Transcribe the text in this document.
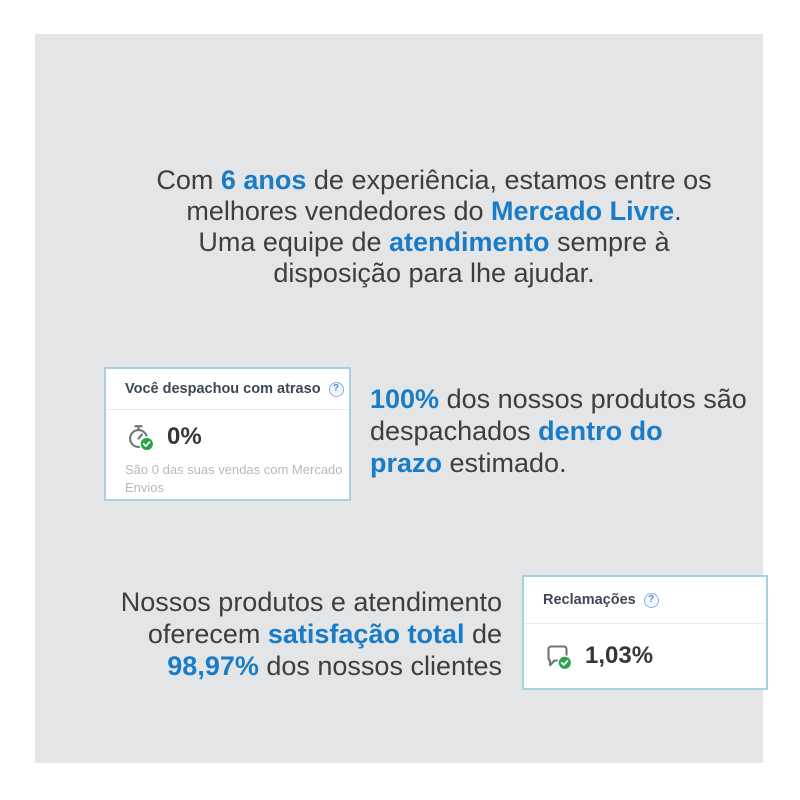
Com 6 anos de experiência, estamos entre os
melhores vendedores do Mercado Livre.
Uma equipe de atendimento sempre à
disposição para lhe ajudar.
Você despachou com atraso	?
0%
São 0 das suas vendas com Mercado Envios
100% dos nossos produtos são
despachados dentro do
prazo estimado.
Nossos produtos e atendimento
oferecem satisfação total de
98,97% dos nossos clientes
Reclamações	?
1,03%
